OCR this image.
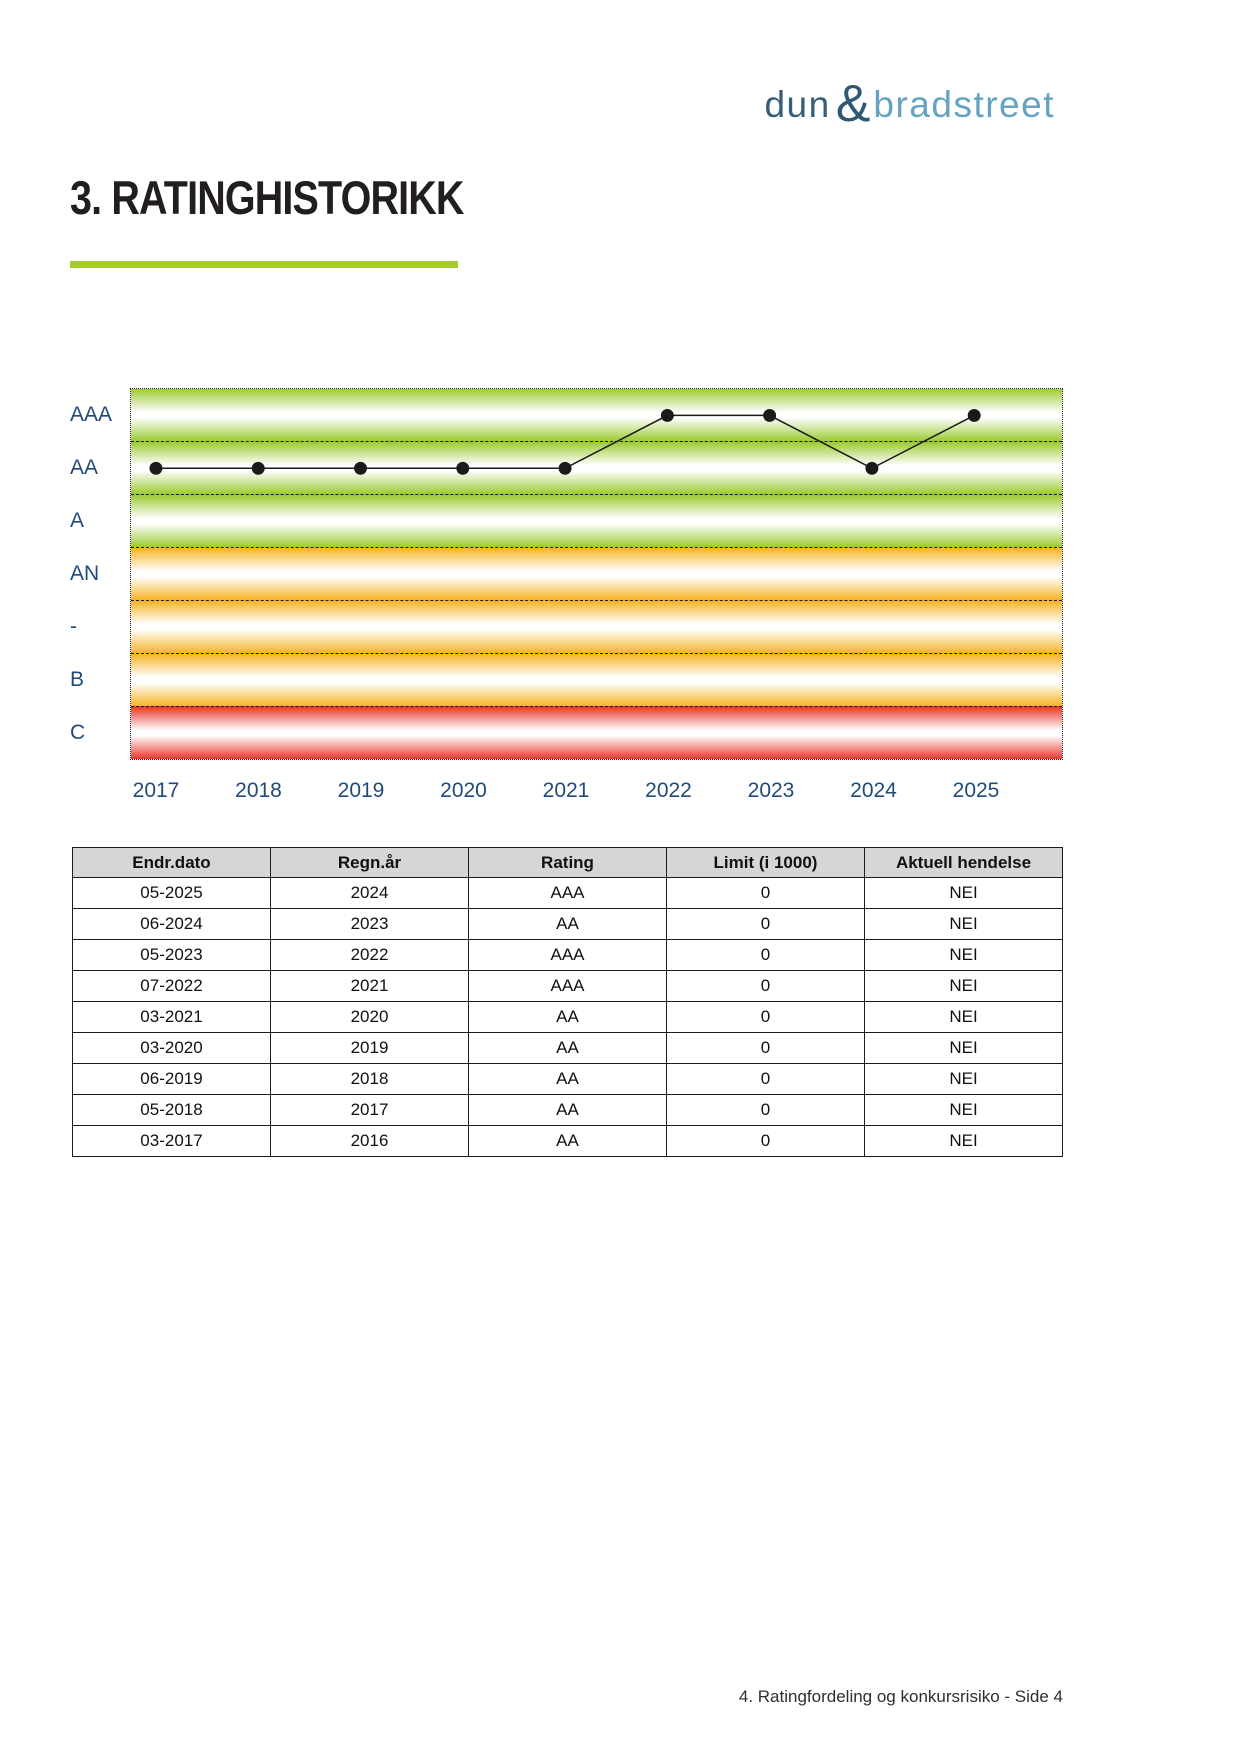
dun & bradstreet
3. RATINGHISTORIKK
AAA
AA
A
AN
-
B
C
2017	2018	2019	2020	2021	2022	2023	2024	2025
Endr.dato	Regn.år	Rating	Limit (i 1000)	Aktuell hendelse
05-2025	2024	AAA	0	NEI
06-2024	2023	AA	0	NEI
05-2023	2022	AAA	0	NEI
07-2022	2021	AAA	0	NEI
03-2021	2020	AA	0	NEI
03-2020	2019	AA	0	NEI
06-2019	2018	AA	0	NEI
05-2018	2017	AA	0	NEI
03-2017	2016	AA	0	NEI
4. Ratingfordeling og konkursrisiko - Side 4
